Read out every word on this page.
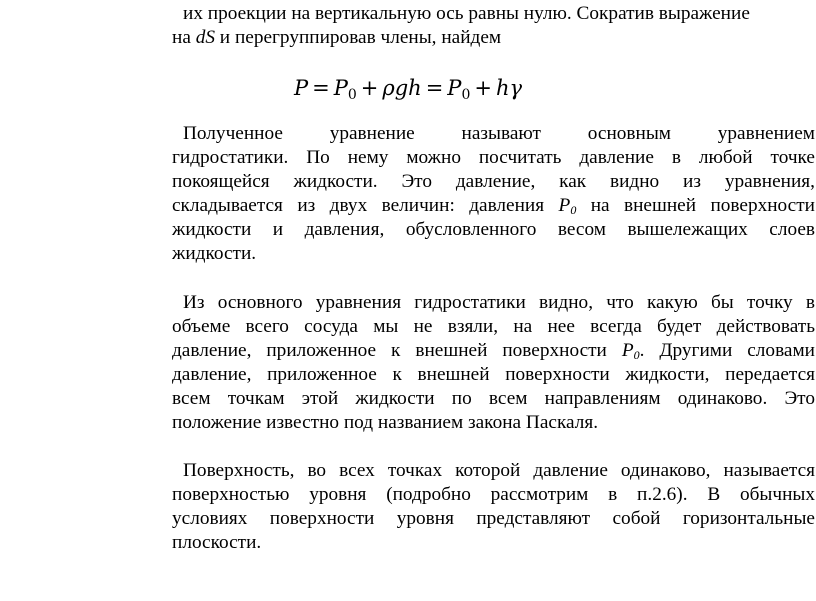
их проекции на вертикальную ось равны нулю. Сократив выражение
на dS и перегруппировав члены, найдем
$P = P_0 + \rho gh = P_0 + h\gamma$
Полученное уравнение называют основным уравнением
гидростатики. По нему можно посчитать давление в любой точке
покоящейся жидкости. Это давление, как видно из уравнения,
складывается из двух величин: давления $P_0$ на внешней поверхности
жидкости и давления, обусловленного весом вышележащих слоев
жидкости.
Из основного уравнения гидростатики видно, что какую бы точку в
объеме всего сосуда мы не взяли, на нее всегда будет действовать
давление, приложенное к внешней поверхности $P_0$. Другими словами
давление, приложенное к внешней поверхности жидкости, передается
всем точкам этой жидкости по всем направлениям одинаково. Это
положение известно под названием закона Паскаля.
Поверхность, во всех точках которой давление одинаково, называется
поверхностью уровня (подробно рассмотрим в п.2.6). В обычных
условиях поверхности уровня представляют собой горизонтальные
плоскости.
